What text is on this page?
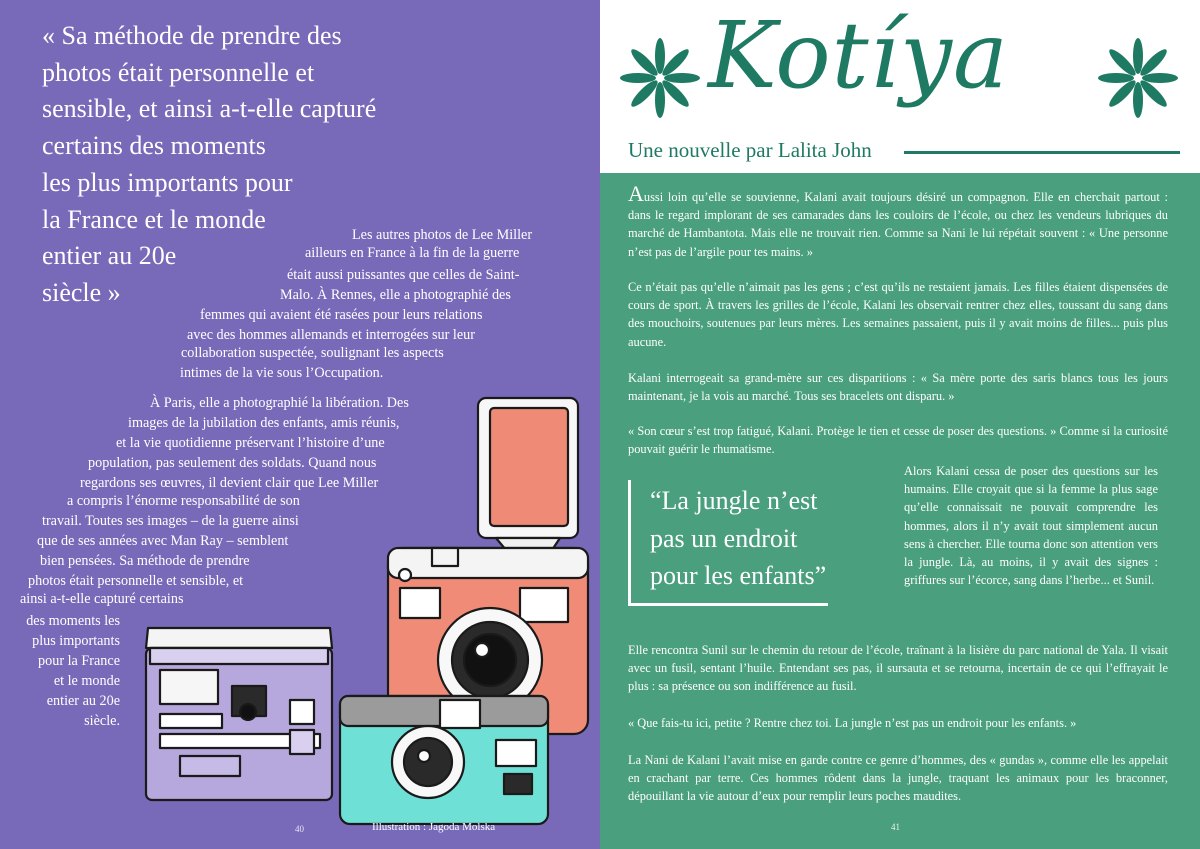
« Sa méthode de prendre des
photos était personnelle et
sensible, et ainsi a-t-elle capturé
certains des moments
les plus importants pour
la France et le monde
entier au 20e
siècle »
Les autres photos de Lee Miller
ailleurs en France à la fin de la guerre
était aussi puissantes que celles de Saint-
Malo. À Rennes, elle a photographié des
femmes qui avaient été rasées pour leurs relations
avec des hommes allemands et interrogées sur leur
collaboration suspectée, soulignant les aspects
intimes de la vie sous l’Occupation.
À Paris, elle a photographié la libération. Des
images de la jubilation des enfants, amis réunis,
et la vie quotidienne préservant l’histoire d’une
population, pas seulement des soldats. Quand nous
regardons ses œuvres, il devient clair que Lee Miller
a compris l’énorme responsabilité de son
travail. Toutes ses images – de la guerre ainsi
que de ses années avec Man Ray – semblent
bien pensées. Sa méthode de prendre
photos était personnelle et sensible, et
ainsi a-t-elle capturé certains
des moments les
plus importants
pour la France
et le monde
entier au 20e
siècle.
40	Illustration : Jagoda Molska
Kotíya
Une nouvelle par Lalita John
Aussi loin qu’elle se souvienne, Kalani avait toujours désiré un compagnon. Elle en cherchait partout : dans le regard implorant de ses camarades dans les couloirs de l’école, ou chez les vendeurs lubriques du marché de Hambantota. Mais elle ne trouvait rien. Comme sa Nani le lui répétait souvent : « Une personne n’est pas de l’argile pour tes mains. »
Ce n’était pas qu’elle n’aimait pas les gens ; c’est qu’ils ne restaient jamais. Les filles étaient dispensées de cours de sport. À travers les grilles de l’école, Kalani les observait rentrer chez elles, toussant du sang dans des mouchoirs, soutenues par leurs mères. Les semaines passaient, puis il y avait moins de filles... puis plus aucune.
Kalani interrogeait sa grand-mère sur ces disparitions : « Sa mère porte des saris blancs tous les jours maintenant, je la vois au marché. Tous ses bracelets ont disparu. »
« Son cœur s’est trop fatigué, Kalani. Protège le tien et cesse de poser des questions. » Comme si la curiosité pouvait guérir le rhumatisme.
Alors Kalani cessa de poser des questions sur les humains. Elle croyait que si la femme la plus sage qu’elle connaissait ne pouvait comprendre les hommes, alors il n’y avait tout simplement aucun sens à chercher. Elle tourna donc son attention vers la jungle. Là, au moins, il y avait des signes : griffures sur l’écorce, sang dans l’herbe... et Sunil.
“La jungle n’est
pas un endroit
pour les enfants”
Elle rencontra Sunil sur le chemin du retour de l’école, traînant à la lisière du parc national de Yala. Il visait avec un fusil, sentant l’huile. Entendant ses pas, il sursauta et se retourna, incertain de ce qui l’effrayait le plus : sa présence ou son indifférence au fusil.
« Que fais-tu ici, petite ? Rentre chez toi. La jungle n’est pas un endroit pour les enfants. »
La Nani de Kalani l’avait mise en garde contre ce genre d’hommes, des « gundas », comme elle les appelait en crachant par terre. Ces hommes rôdent dans la jungle, traquant les animaux pour les braconner, dépouillant la vie autour d’eux pour remplir leurs poches maudites.
41
